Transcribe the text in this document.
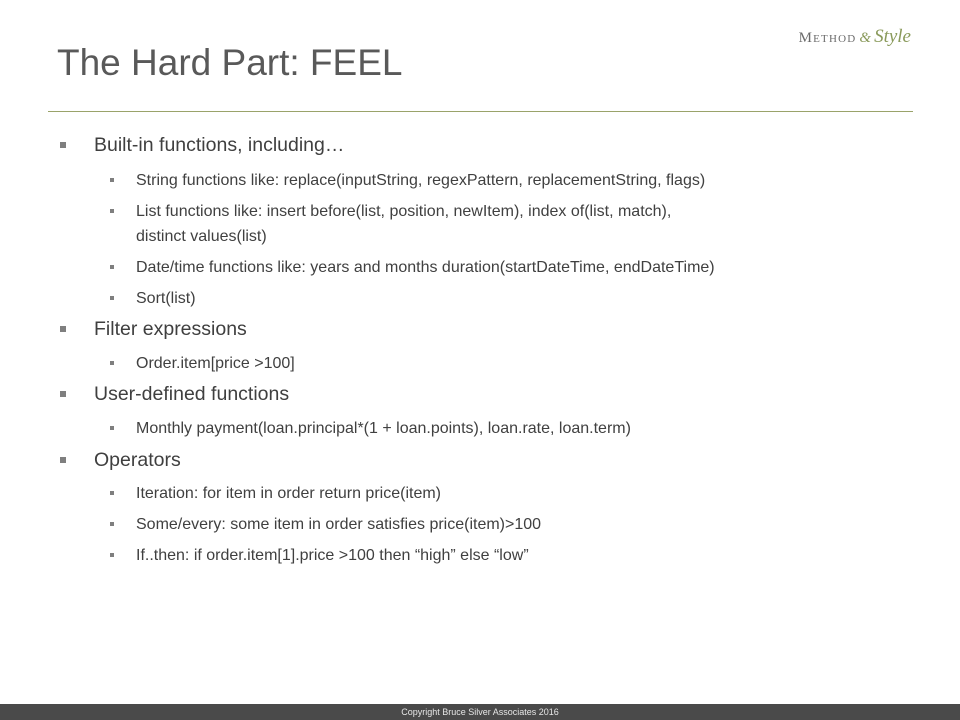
Method & Style
The Hard Part: FEEL
Built-in functions, including…
String functions like: replace(inputString, regexPattern, replacementString, flags)
List functions like: insert before(list, position, newItem), index of(list, match),
distinct values(list)
Date/time functions like: years and months duration(startDateTime, endDateTime)
Sort(list)
Filter expressions
Order.item[price >100]
User-defined functions
Monthly payment(loan.principal*(1 + loan.points), loan.rate, loan.term)
Operators
Iteration: for item in order return price(item)
Some/every: some item in order satisfies price(item)>100
If..then: if order.item[1].price >100 then “high” else “low”
Copyright Bruce Silver Associates 2016
